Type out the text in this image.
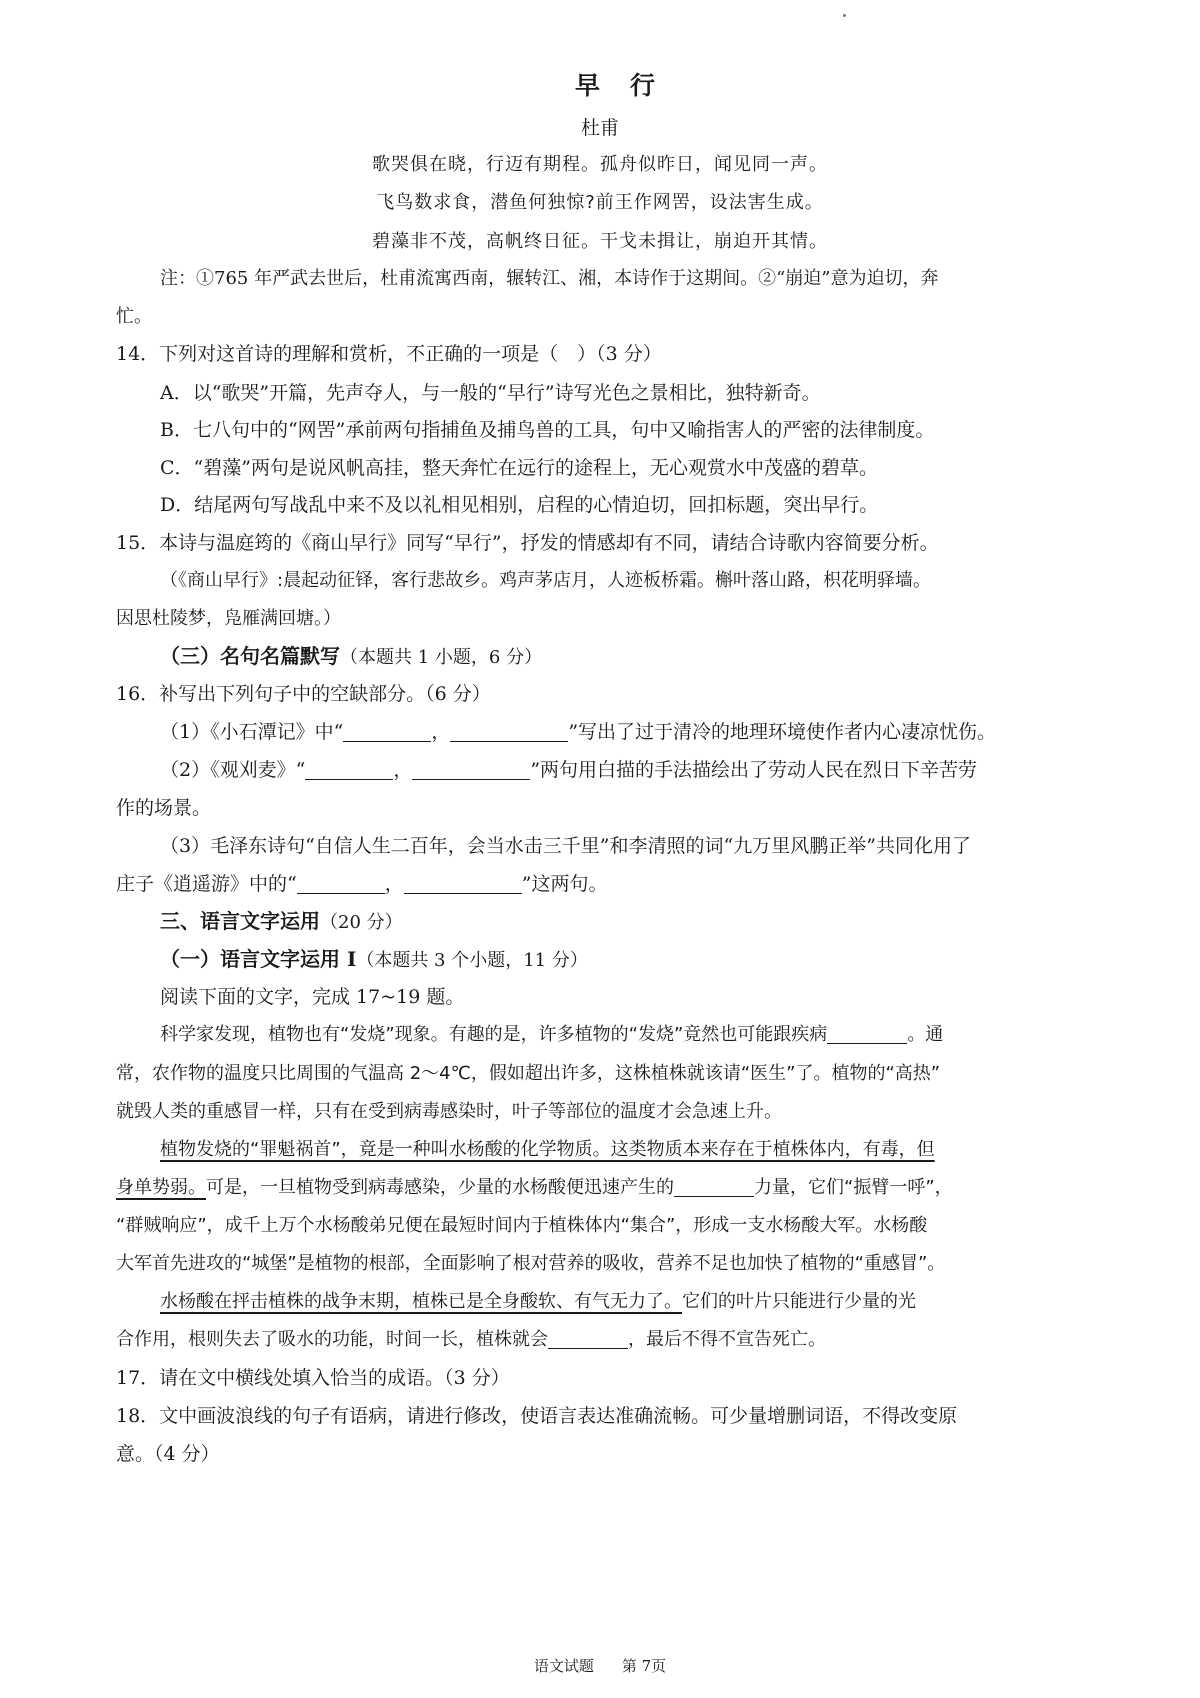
早行
杜甫
歌哭俱在晓，行迈有期程。孤舟似昨日，闻见同一声。
飞鸟数求食，潜鱼何独惊?前王作网罟，设法害生成。
碧藻非不茂，高帆终日征。干戈未揖让，崩迫开其情。
注：①765 年严武去世后，杜甫流寓西南，辗转江、湘，本诗作于这期间。②“崩迫”意为迫切，奔
忙。
14．下列对这首诗的理解和赏析，不正确的一项是（　）（3 分）
A．以“歌哭”开篇，先声夺人，与一般的“早行”诗写光色之景相比，独特新奇。
B．七八句中的“网罟”承前两句指捕鱼及捕鸟兽的工具，句中又喻指害人的严密的法律制度。
C．“碧藻”两句是说风帆高挂，整天奔忙在远行的途程上，无心观赏水中茂盛的碧草。
D．结尾两句写战乱中来不及以礼相见相别，启程的心情迫切，回扣标题，突出早行。
15．本诗与温庭筠的《商山早行》同写“早行”，抒发的情感却有不同，请结合诗歌内容简要分析。
（《商山早行》:晨起动征铎，客行悲故乡。鸡声茅店月，人迹板桥霜。槲叶落山路，枳花明驿墙。
因思杜陵梦，凫雁满回塘。）
（三）名句名篇默写（本题共 1 小题，6 分）
16．补写出下列句子中的空缺部分。（6 分）
（1）《小石潭记》中“	，	”写出了过于清冷的地理环境使作者内心凄凉忧伤。
（2）《观刈麦》“	，	”两句用白描的手法描绘出了劳动人民在烈日下辛苦劳
作的场景。
（3）毛泽东诗句“自信人生二百年，会当水击三千里”和李清照的词“九万里风鹏正举”共同化用了
庄子《逍遥游》中的“	，	”这两句。
三、语言文字运用（20 分）
（一）语言文字运用 I（本题共 3 个小题，11 分）
阅读下面的文字，完成 17~19 题。
科学家发现，植物也有“发烧”现象。有趣的是，许多植物的“发烧”竟然也可能跟疾病	。通
常，农作物的温度只比周围的气温高 2～4℃，假如超出许多，这株植株就该请“医生”了。植物的“高热”
就毁人类的重感冒一样，只有在受到病毒感染时，叶子等部位的温度才会急速上升。
植物发烧的“罪魁祸首”，竟是一种叫水杨酸的化学物质。这类物质本来存在于植株体内，有毒，但
身单势弱。可是，一旦植物受到病毒感染，少量的水杨酸便迅速产生的	力量，它们“振臂一呼”，
“群贼响应”，成千上万个水杨酸弟兄便在最短时间内于植株体内“集合”，形成一支水杨酸大军。水杨酸
大军首先进攻的“城堡”是植物的根部，全面影响了根对营养的吸收，营养不足也加快了植物的“重感冒”。
水杨酸在抨击植株的战争末期，植株已是全身酸软、有气无力了。它们的叶片只能进行少量的光
合作用，根则失去了吸水的功能，时间一长，植株就会	，最后不得不宣告死亡。
17．请在文中横线处填入恰当的成语。（3 分）
18．文中画波浪线的句子有语病，请进行修改，使语言表达准确流畅。可少量增删词语，不得改变原
意。（4 分）
语文试题 第 7页
